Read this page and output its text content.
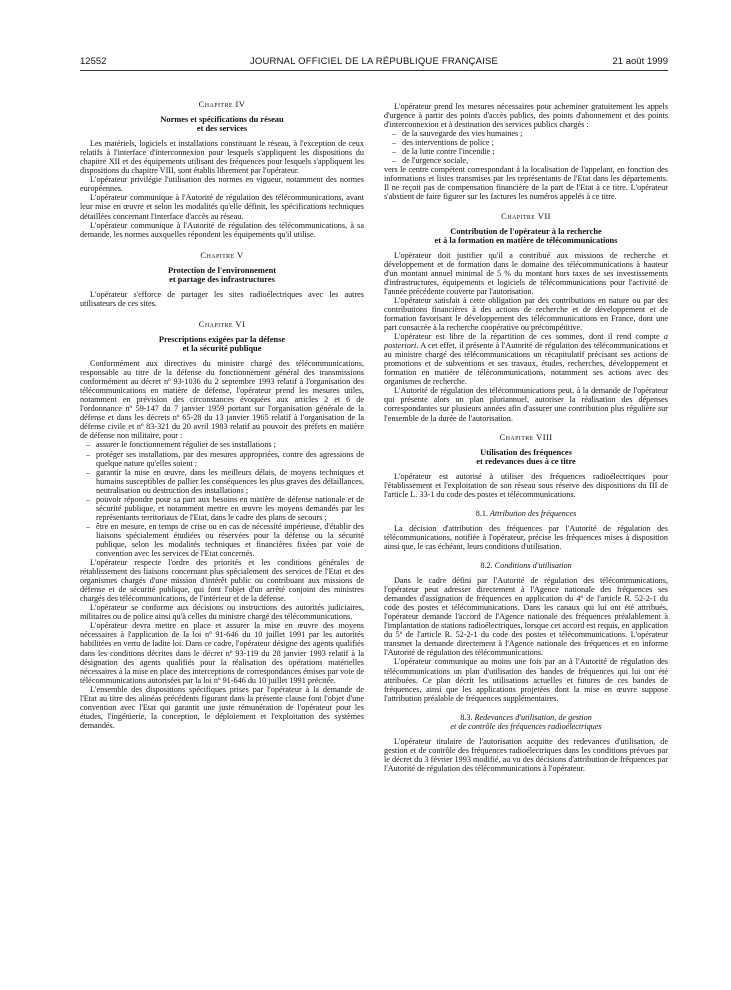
12552	JOURNAL OFFICIEL DE LA RÉPUBLIQUE FRANÇAISE	21 août 1999
Chapitre IV
Normes et spécifications du réseau
et des services

Les matériels, logiciels et installations constituant le réseau, à l'exception de ceux relatifs à l'interface d'interconnexion pour lesquels s'appliquent les dispositions du chapitre XII et des équipements utilisant des fréquences pour lesquels s'appliquent les dispositions du chapitre VIII, sont établis librement par l'opérateur.

L'opérateur privilégie l'utilisation des normes en vigueur, notamment des normes européennes.

L'opérateur communique à l'Autorité de régulation des télécommunications, avant leur mise en œuvre et selon les modalités qu'elle définit, les spécifications techniques détaillées concernant l'interface d'accès au réseau.

L'opérateur communique à l'Autorité de régulation des télécommunications, à sa demande, les normes auxquelles répondent les équipements qu'il utilise.

Chapitre V
Protection de l'environnement
et partage des infrastructures

L'opérateur s'efforce de partager les sites radioélectriques avec les autres utilisateurs de ces sites.

Chapitre VI
Prescriptions exigées par la défense
et la sécurité publique

Conformément aux directives du ministre chargé des télécommunications, responsable au titre de la défense du fonctionnement général des transmissions conformément au décret nº 93-1036 du 2 septembre 1993 relatif à l'organisation des télécommunications en matière de défense, l'opérateur prend les mesures utiles, notamment en prévision des circonstances évoquées aux articles 2 et 6 de l'ordonnance nº 59-147 du 7 janvier 1959 portant sur l'organisation générale de la défense et dans les décrets nº 65-28 du 13 janvier 1965 relatif à l'organisation de la défense civile et nº 83-321 du 20 avril 1983 relatif au pouvoir des préfets en matière de défense non militaire, pour :

– assurer le fonctionnement régulier de ses installations ;
– protéger ses installations, par des mesures appropriées, contre des agressions de quelque nature qu'elles soient ;
– garantir la mise en œuvre, dans les meilleurs délais, de moyens techniques et humains susceptibles de pallier les conséquences les plus graves des défaillances, neutralisation ou destruction des installations ;
– pouvoir répondre pour sa part aux besoins en matière de défense nationale et de sécurité publique, et notamment mettre en œuvre les moyens demandés par les représentants territoriaux de l'Etat, dans le cadre des plans de secours ;
– être en mesure, en temps de crise ou en cas de nécessité impérieuse, d'établir des liaisons spécialement étudiées ou réservées pour la défense ou la sécurité publique, selon les modalités techniques et financières fixées par voie de convention avec les services de l'Etat concernés.

L'opérateur respecte l'ordre des priorités et les conditions générales de rétablissement des liaisons concernant plus spécialement des services de l'Etat et des organismes chargés d'une mission d'intérêt public ou contribuant aux missions de défense et de sécurité publique, qui font l'objet d'un arrêté conjoint des ministres chargés des télécommunications, de l'intérieur et de la défense.

L'opérateur se conforme aux décisions ou instructions des autorités judiciaires, militaires ou de police ainsi qu'à celles du ministre chargé des télécommunications.

L'opérateur devra mettre en place et assurer la mise en œuvre des moyens nécessaires à l'application de la loi nº 91-646 du 10 juillet 1991 par les autorités habilitées en vertu de ladite loi. Dans ce cadre, l'opérateur désigne des agents qualifiés dans les conditions décrites dans le décret nº 93-119 du 28 janvier 1993 relatif à la désignation des agents qualifiés pour la réalisation des opérations matérielles nécessaires à la mise en place des interceptions de correspondances émises par voie de télécommunications autorisées par la loi nº 91-646 du 10 juillet 1991 précitée.

L'ensemble des dispositions spécifiques prises par l'opérateur à la demande de l'Etat au titre des alinéas précédents figurant dans la présente clause font l'objet d'une convention avec l'Etat qui garantit une juste rémunération de l'opérateur pour les études, l'ingénierie, la conception, le déploiement et l'exploitation des systèmes demandés.

L'opérateur prend les mesures nécessaires pour acheminer gratuitement les appels d'urgence à partir des points d'accès publics, des points d'abonnement et des points d'interconnexion et à destination des services publics chargés :

– de la sauvegarde des vies humaines ;
– des interventions de police ;
– de la lutte contre l'incendie ;
– de l'urgence sociale,

vers le centre compétent correspondant à la localisation de l'appelant, en fonction des informations et listes transmises par les représentants de l'Etat dans les départements. Il ne reçoit pas de compensation financière de la part de l'Etat à ce titre. L'opérateur s'abstient de faire figurer sur les factures les numéros appelés à ce titre.

Chapitre VII
Contribution de l'opérateur à la recherche
et à la formation en matière de télécommunications

L'opérateur doit justifier qu'il a contribué aux missions de recherche et développement et de formation dans le domaine des télécommunications à hauteur d'un montant annuel minimal de 5 % du montant hors taxes de ses investissements d'infrastructures, équipements et logiciels de télécommunications pour l'activité de l'année précédente couverte par l'autorisation.

L'opérateur satisfait à cette obligation par des contributions en nature ou par des contributions financières à des actions de recherche et de développement et de formation favorisant le développement des télécommunications en France, dont une part consacrée à la recherche coopérative ou précompétitive.

L'opérateur est libre de la répartition de ces sommes, dont il rend compte a posteriori. A cet effet, il présente à l'Autorité de régulation des télécommunications et au ministre chargé des télécommunications un récapitulatif précisant ses actions de promotions et de subventions et ses travaux, études, recherches, développement et formation en matière de télécommunications, notamment ses actions avec des organismes de recherche.

L'Autorité de régulation des télécommunications peut, à la demande de l'opérateur qui présente alors un plan pluriannuel, autoriser la réalisation des dépenses correspondantes sur plusieurs années afin d'assurer une contribution plus régulière sur l'ensemble de la durée de l'autorisation.

Chapitre VIII
Utilisation des fréquences
et redevances dues à ce titre

L'opérateur est autorisé à utiliser des fréquences radioélectriques pour l'établissement et l'exploitation de son réseau sous réserve des dispositions du III de l'article L. 33-1 du code des postes et télécommunications.

8.1. Attribution des fréquences

La décision d'attribution des fréquences par l'Autorité de régulation des télécommunications, notifiée à l'opérateur, précise les fréquences mises à disposition ainsi que, le cas échéant, leurs conditions d'utilisation.

8.2. Conditions d'utilisation

Dans le cadre défini par l'Autorité de régulation des télécommunications, l'opérateur peut adresser directement à l'Agence nationale des fréquences ses demandes d'assignation de fréquences en application du 4º de l'article R. 52-2-1 du code des postes et télécommunications. Dans les canaux qui lui ont été attribués, l'opérateur demande l'accord de l'Agence nationale des fréquences préalablement à l'implantation de stations radioélectriques, lorsque cet accord est requis, en application du 5º de l'article R. 52-2-1 du code des postes et télécommunications. L'opérateur transmet la demande directement à l'Agence nationale des fréquences et en informe l'Autorité de régulation des télécommunications.

L'opérateur communique au moins une fois par an à l'Autorité de régulation des télécommunications un plan d'utilisation des bandes de fréquences qui lui ont été attribuées. Ce plan décrit les utilisations actuelles et futures de ces bandes de fréquences, ainsi que les applications projetées dont la mise en œuvre suppose l'attribution préalable de fréquences supplémentaires.

8.3. Redevances d'utilisation, de gestion
et de contrôle des fréquences radioélectriques

L'opérateur titulaire de l'autorisation acquitte des redevances d'utilisation, de gestion et de contrôle des fréquences radioélectriques dans les conditions prévues par le décret du 3 février 1993 modifié, au vu des décisions d'attribution de fréquences par l'Autorité de régulation des télécommunications à l'opérateur.
